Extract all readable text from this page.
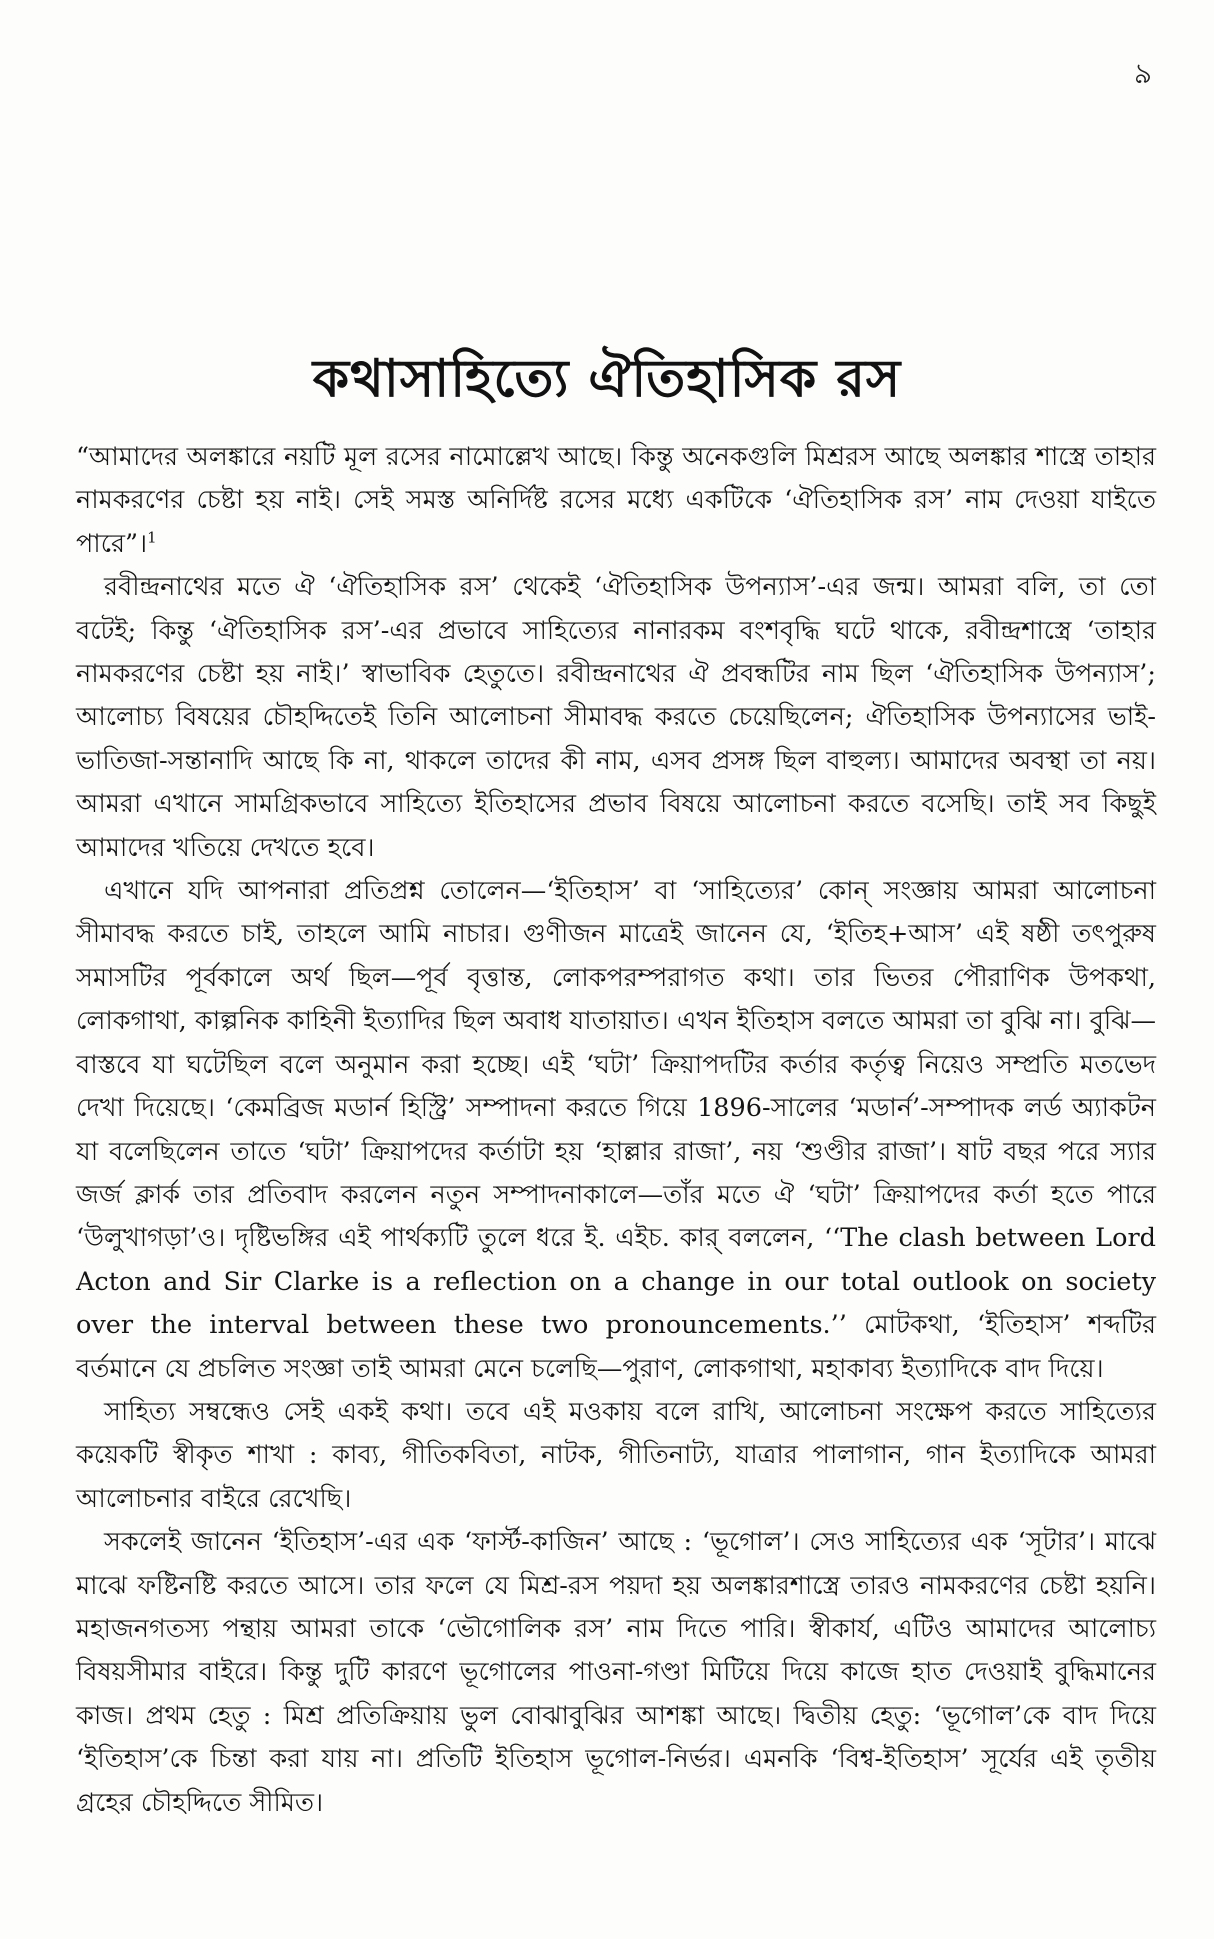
৯
কথাসাহিত্যে ঐতিহাসিক রস

“আমাদের অলঙ্কারে নয়টি মূল রসের নামোল্লেখ আছে। কিন্তু অনেকগুলি মিশ্ররস আছে অলঙ্কার শাস্ত্রে তাহার নামকরণের চেষ্টা হয় নাই। সেই সমস্ত অনির্দিষ্ট রসের মধ্যে একটিকে ‘ঐতিহাসিক রস’ নাম দেওয়া যাইতে পারে”।$^1$

রবীন্দ্রনাথের মতে ঐ ‘ঐতিহাসিক রস’ থেকেই ‘ঐতিহাসিক উপন্যাস’-এর জন্ম। আমরা বলি, তা তো বটেই; কিন্তু ‘ঐতিহাসিক রস’-এর প্রভাবে সাহিত্যের নানারকম বংশবৃদ্ধি ঘটে থাকে, রবীন্দ্রশাস্ত্রে ‘তাহার নামকরণের চেষ্টা হয় নাই।’ স্বাভাবিক হেতুতে। রবীন্দ্রনাথের ঐ প্রবন্ধটির নাম ছিল ‘ঐতিহাসিক উপন্যাস’; আলোচ্য বিষয়ের চৌহদ্দিতেই তিনি আলোচনা সীমাবদ্ধ করতে চেয়েছিলেন; ঐতিহাসিক উপন্যাসের ভাই-ভাতিজা-সন্তানাদি আছে কি না, থাকলে তাদের কী নাম, এসব প্রসঙ্গ ছিল বাহুল্য। আমাদের অবস্থা তা নয়। আমরা এখানে সামগ্রিকভাবে সাহিত্যে ইতিহাসের প্রভাব বিষয়ে আলোচনা করতে বসেছি। তাই সব কিছুই আমাদের খতিয়ে দেখতে হবে।

এখানে যদি আপনারা প্রতিপ্রশ্ন তোলেন—‘ইতিহাস’ বা ‘সাহিত্যের’ কোন্ সংজ্ঞায় আমরা আলোচনা সীমাবদ্ধ করতে চাই, তাহলে আমি নাচার। গুণীজন মাত্রেই জানেন যে, ‘ইতিহ+আস’ এই ষষ্ঠী তৎপুরুষ সমাসটির পূর্বকালে অর্থ ছিল—পূর্ব বৃত্তান্ত, লোকপরম্পরাগত কথা। তার ভিতর পৌরাণিক উপকথা, লোকগাথা, কাল্পনিক কাহিনী ইত্যাদির ছিল অবাধ যাতায়াত। এখন ইতিহাস বলতে আমরা তা বুঝি না। বুঝি—বাস্তবে যা ঘটেছিল বলে অনুমান করা হচ্ছে। এই ‘ঘটা’ ক্রিয়াপদটির কর্তার কর্তৃত্ব নিয়েও সম্প্রতি মতভেদ দেখা দিয়েছে। ‘কেমব্রিজ মডার্ন হিস্ট্রি’ সম্পাদনা করতে গিয়ে 1896-সালের ‘মডার্ন’-সম্পাদক লর্ড অ্যাকটন যা বলেছিলেন তাতে ‘ঘটা’ ক্রিয়াপদের কর্তাটা হয় ‘হাল্লার রাজা’, নয় ‘শুণ্ডীর রাজা’। ষাট বছর পরে স্যার জর্জ ক্লার্ক তার প্রতিবাদ করলেন নতুন সম্পাদনাকালে—তাঁর মতে ঐ ‘ঘটা’ ক্রিয়াপদের কর্তা হতে পারে ‘উলুখাগড়া’ও। দৃষ্টিভঙ্গির এই পার্থক্যটি তুলে ধরে ই. এইচ. কার্ বললেন, ‘‘The clash between Lord Acton and Sir Clarke is a reflection on a change in our total outlook on society over the interval between these two pronouncements.’’ মোটকথা, ‘ইতিহাস’ শব্দটির বর্তমানে যে প্রচলিত সংজ্ঞা তাই আমরা মেনে চলেছি—পুরাণ, লোকগাথা, মহাকাব্য ইত্যাদিকে বাদ দিয়ে।

সাহিত্য সম্বন্ধেও সেই একই কথা। তবে এই মওকায় বলে রাখি, আলোচনা সংক্ষেপ করতে সাহিত্যের কয়েকটি স্বীকৃত শাখা : কাব্য, গীতিকবিতা, নাটক, গীতিনাট্য, যাত্রার পালাগান, গান ইত্যাদিকে আমরা আলোচনার বাইরে রেখেছি।

সকলেই জানেন ‘ইতিহাস’-এর এক ‘ফার্স্ট-কাজিন’ আছে : ‘ভূগোল’। সেও সাহিত্যের এক ‘সূটার’। মাঝে মাঝে ফষ্টিনষ্টি করতে আসে। তার ফলে যে মিশ্র-রস পয়দা হয় অলঙ্কারশাস্ত্রে তারও নামকরণের চেষ্টা হয়নি। মহাজনগতস্য পন্থায় আমরা তাকে ‘ভৌগোলিক রস’ নাম দিতে পারি। স্বীকার্য, এটিও আমাদের আলোচ্য বিষয়সীমার বাইরে। কিন্তু দুটি কারণে ভূগোলের পাওনা-গণ্ডা মিটিয়ে দিয়ে কাজে হাত দেওয়াই বুদ্ধিমানের কাজ। প্রথম হেতু : মিশ্র প্রতিক্রিয়ায় ভুল বোঝাবুঝির আশঙ্কা আছে। দ্বিতীয় হেতু: ‘ভূগোল’কে বাদ দিয়ে ‘ইতিহাস’কে চিন্তা করা যায় না। প্রতিটি ইতিহাস ভূগোল-নির্ভর। এমনকি ‘বিশ্ব-ইতিহাস’ সূর্যের এই তৃতীয় গ্রহের চৌহদ্দিতে সীমিত।
